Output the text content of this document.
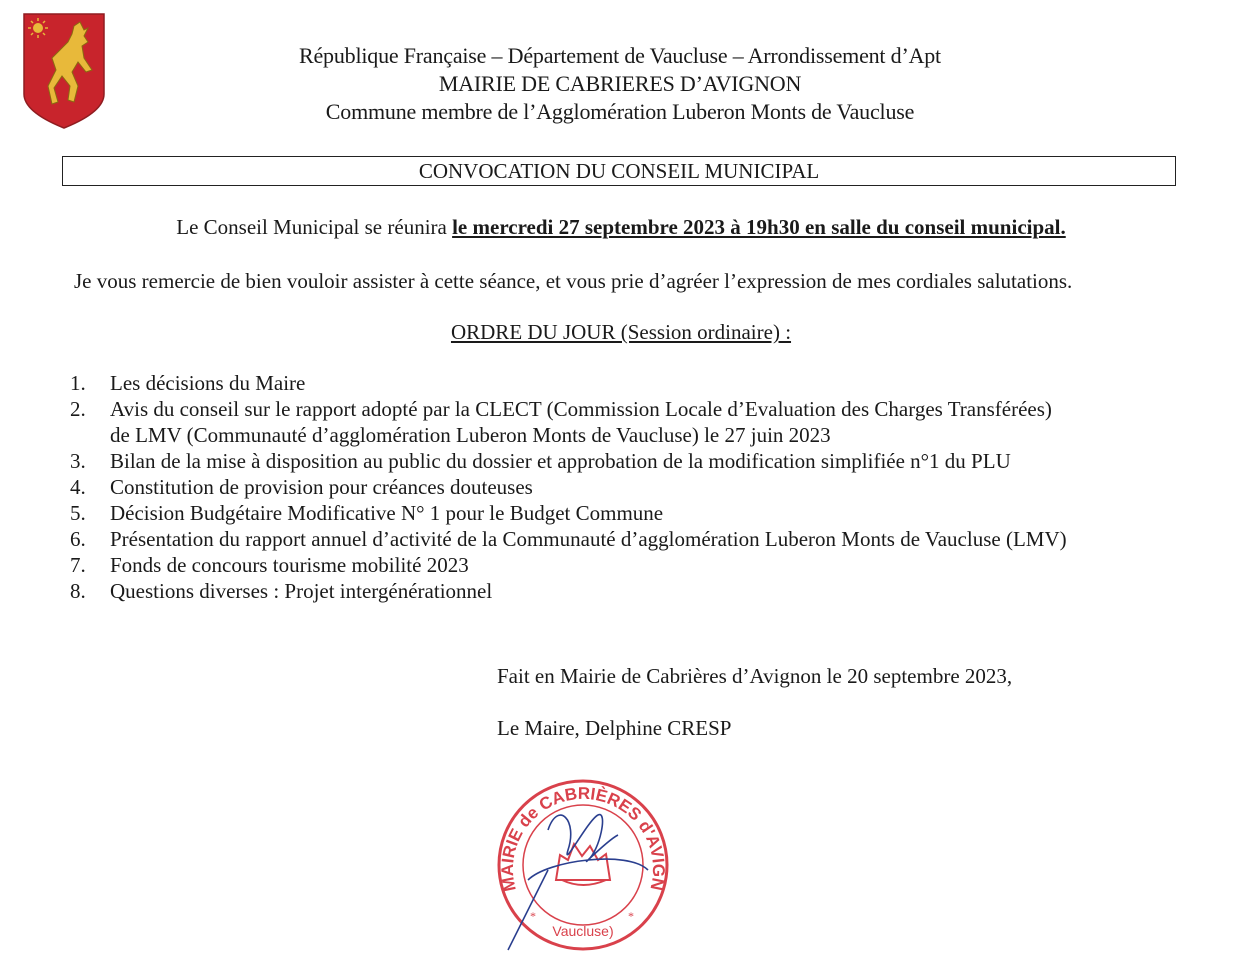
République Française – Département de Vaucluse – Arrondissement d’Apt
MAIRIE DE CABRIERES D’AVIGNON
Commune membre de l’Agglomération Luberon Monts de Vaucluse
CONVOCATION DU CONSEIL MUNICIPAL
Le Conseil Municipal se réunira le mercredi 27 septembre 2023 à 19h30 en salle du conseil municipal.
Je vous remercie de bien vouloir assister à cette séance, et vous prie d’agréer l’expression de mes cordiales salutations.
ORDRE DU JOUR (Session ordinaire) :
1.	Les décisions du Maire
2.	Avis du conseil sur le rapport adopté par la CLECT (Commission Locale d’Evaluation des Charges Transférées)
de LMV (Communauté d’agglomération Luberon Monts de Vaucluse) le 27 juin 2023
3.	Bilan de la mise à disposition au public du dossier et approbation de la modification simplifiée n°1 du PLU
4.	Constitution de provision pour créances douteuses
5.	Décision Budgétaire Modificative N° 1 pour le Budget Commune
6.	Présentation du rapport annuel d’activité de la Communauté d’agglomération Luberon Monts de Vaucluse (LMV)
7.	Fonds de concours tourisme mobilité 2023
8.	Questions diverses : Projet intergénérationnel
Fait en Mairie de Cabrières d’Avignon le 20 septembre 2023,
Le Maire, Delphine CRESP
MAIRIE de CABRIÈRES d'AVIGN
Vaucluse)
*	*
